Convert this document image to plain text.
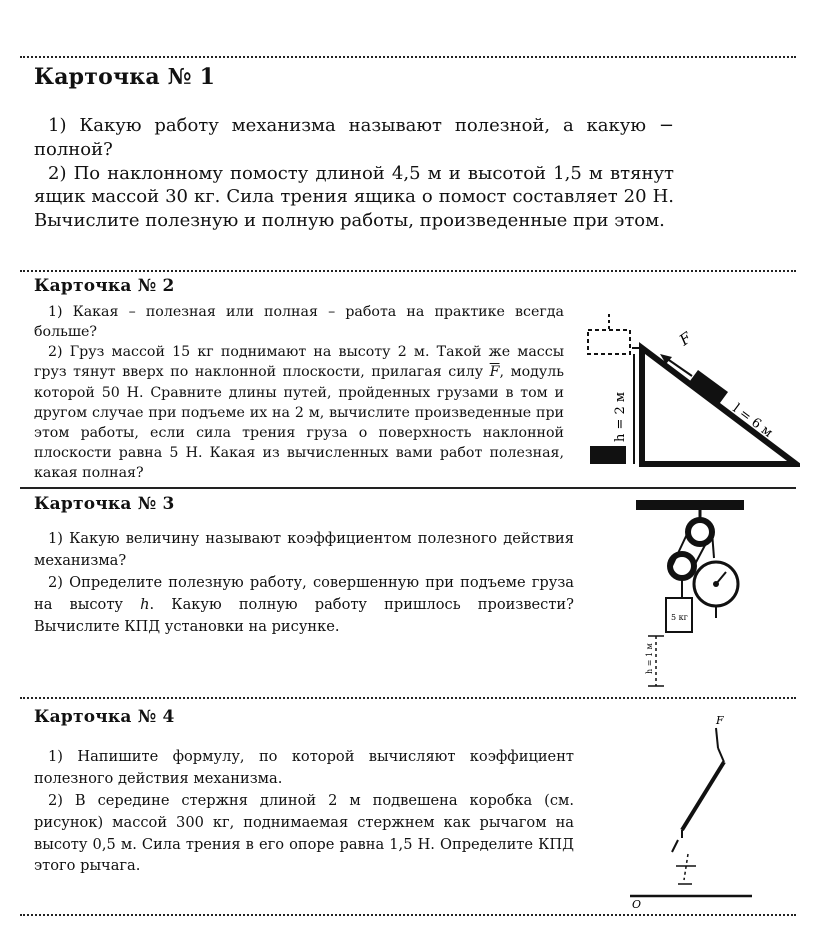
Карточка № 1

1) Какую работу механизма называют полезной, а какую − полной?

2) По наклонному помосту длиной 4,5 м и высотой 1,5 м втянут ящик массой 30 кг. Сила трения ящика о помост составляет 20 Н. Вычислите полезную и полную работы, произведенные при этом.

Карточка № 2

1) Какая – полезная или полная – работа на практике всегда больше?

2) Груз массой 15 кг поднимают на высоту 2 м. Такой же массы груз тянут вверх по наклонной плоскости, прилагая силу $\overline{F}$, модуль которой 50 Н. Сравните длины путей, пройденных грузами в том и другом случае при подъеме их на 2 м, вычислите произведенные при этом работы, если сила трения груза о поверхность наклонной плоскости равна 5 Н. Какая из вычисленных вами работ полезная, какая полная?

F
h = 2 м	l = 6 м
Карточка № 3

1) Какую величину называют коэффициентом полезного действия механизма?

2) Определите полезную работу, совершенную при подъеме груза на высоту h. Какую полную работу пришлось произвести? Вычислите КПД установки на рисунке.

5 кг
h = 1 м
Карточка № 4

1) Напишите формулу, по которой вычисляют коэффициент полезного действия механизма.

2) В середине стержня длиной 2 м подвешена коробка (см. рисунок) массой 300 кг, поднимаемая стержнем как рычагом на высоту 0,5 м. Сила трения в его опоре равна 1,5 Н. Определите КПД этого рычага.

F
O
